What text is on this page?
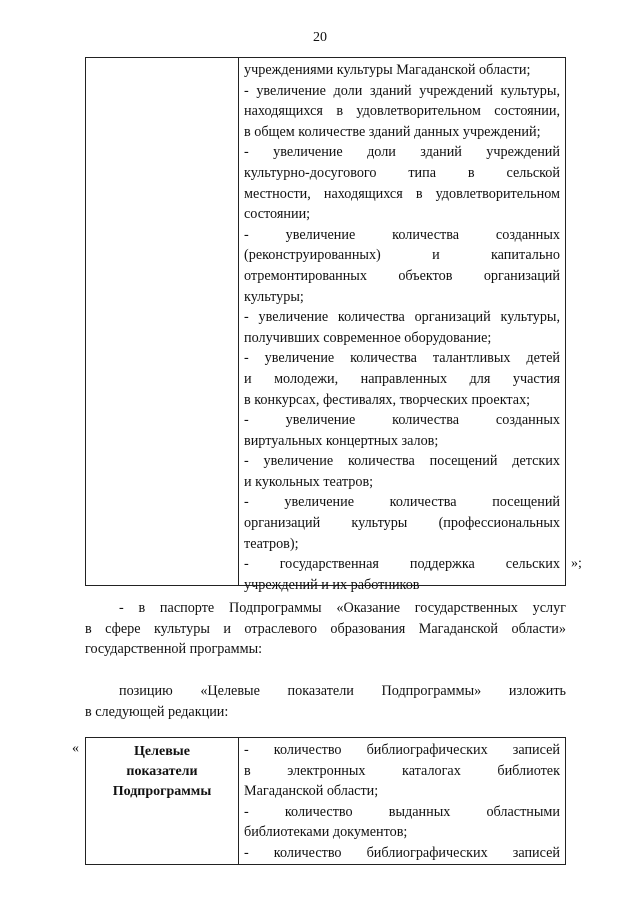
20
учреждениями культуры Магаданской области;
- увеличение доли зданий учреждений культуры,
находящихся в удовлетворительном состоянии,
в общем количестве зданий данных учреждений;
- увеличение доли зданий учреждений
культурно-досугового типа в сельской
местности, находящихся в удовлетворительном
состоянии;
- увеличение количества созданных
(реконструированных) и капитально
отремонтированных объектов организаций
культуры;
- увеличение количества организаций культуры,
получивших современное оборудование;
- увеличение количества талантливых детей
и молодежи, направленных для участия
в конкурсах, фестивалях, творческих проектах;
- увеличение количества созданных
виртуальных концертных залов;
- увеличение количества посещений детских
и кукольных театров;
- увеличение количества посещений
организаций культуры (профессиональных
театров);
- государственная поддержка сельских
учреждений и их работников
»;
- в паспорте Подпрограммы «Оказание государственных услуг
в сфере культуры и отраслевого образования Магаданской области»
государственной программы:
позицию «Целевые показатели Подпрограммы» изложить
в следующей редакции:
«	Целевые
показатели
Подпрограммы
- количество библиографических записей
в электронных каталогах библиотек
Магаданской области;
- количество выданных областными
библиотеками документов;
- количество библиографических записей
